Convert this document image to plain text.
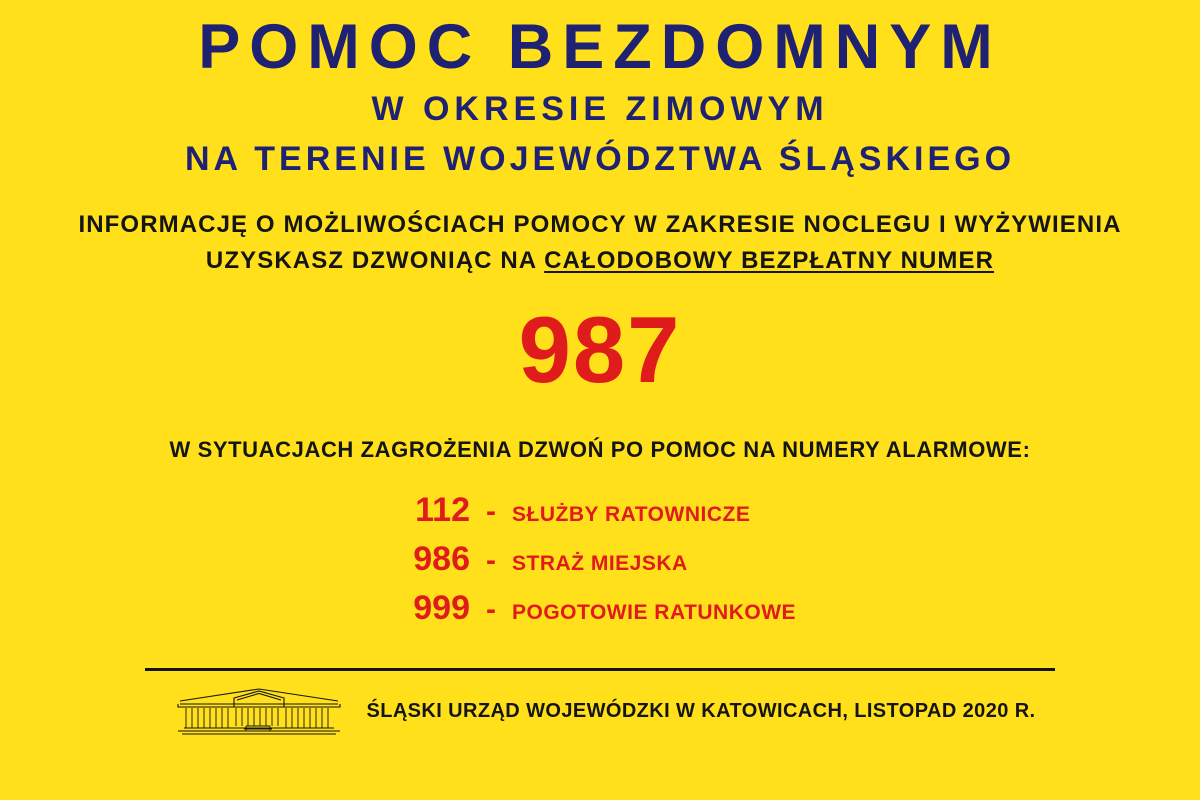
POMOC BEZDOMNYM
W OKRESIE ZIMOWYM
NA TERENIE WOJEWÓDZTWA ŚLĄSKIEGO
INFORMACJĘ O MOŻLIWOŚCIACH POMOCY W ZAKRESIE NOCLEGU I WYŻYWIENIA
UZYSKASZ DZWONIĄC NA CAŁODOBOWY BEZPŁATNY NUMER
987
W SYTUACJACH ZAGROŻENIA DZWOŃ PO POMOC NA NUMERY ALARMOWE:
112 - SŁUŻBY RATOWNICZE
986 - STRAŻ MIEJSKA
999 - POGOTOWIE RATUNKOWE
ŚLĄSKI URZĄD WOJEWÓDZKI W KATOWICACH, LISTOPAD 2020 R.
